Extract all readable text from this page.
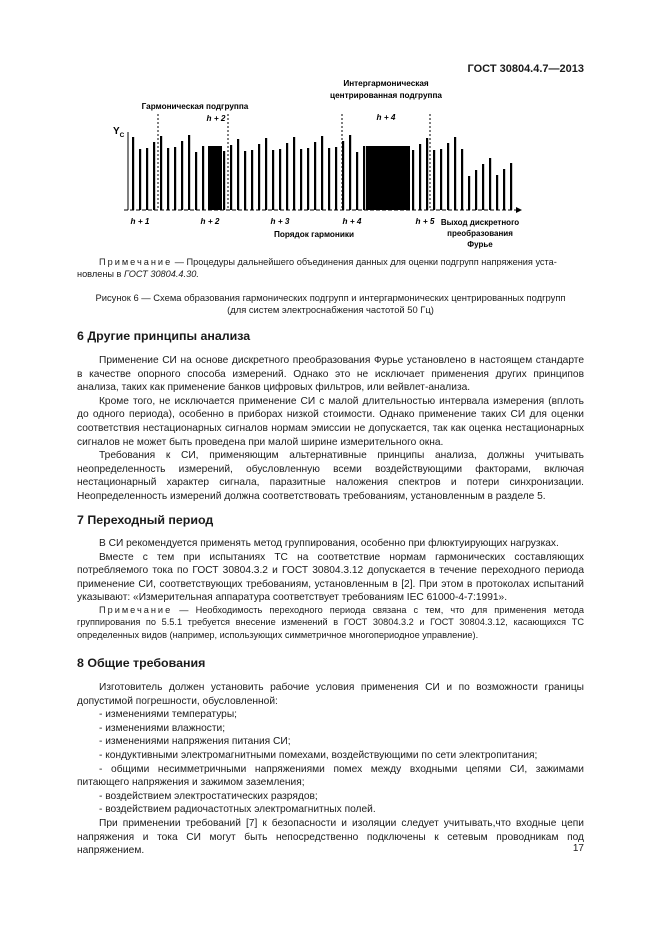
ГОСТ 30804.4.7—2013
Гармоническая подгруппа
h + 2
Интергармоническая
центрированная подгруппа
h + 4
$Y_C$
h + 1	h + 2	h + 3	h + 4	h + 5
Порядок гармоники
Выход дискретного
преобразования
Фурье

Примечание — Процедуры дальнейшего объединения данных для оценки подгрупп напряжения уста-

новлены в ГОСТ 30804.4.30.

Рисунок 6 — Схема образования гармонических подгрупп и интергармонических центрированных подгрупп
(для систем электроснабжения частотой 50 Гц)
6 Другие принципы анализа

Применение СИ на основе дискретного преобразования Фурье установлено в настоящем стандарте в качестве опорного способа измерений. Однако это не исключает применения других принципов анализа, таких как применение банков цифровых фильтров, или вейвлет-анализа.

Кроме того, не исключается применение СИ с малой длительностью интервала измерения (вплоть до одного периода), особенно в приборах низкой стоимости. Однако применение таких СИ для оценки соответствия нестационарных сигналов нормам эмиссии не допускается, так как оценка нестационарных сигналов не может быть проведена при малой ширине измерительного окна.

Требования к СИ, применяющим альтернативные принципы анализа, должны учитывать неопределенность измерений, обусловленную всеми воздействующими факторами, включая нестационарный характер сигнала, паразитные наложения спектров и потери синхронизации. Неопределенность измерений должна соответствовать требованиям, установленным в разделе 5.

7 Переходный период

В СИ рекомендуется применять метод группирования, особенно при флюктуирующих нагрузках.

Вместе с тем при испытаниях ТС на соответствие нормам гармонических составляющих потребляемого тока по ГОСТ 30804.3.2 и ГОСТ 30804.3.12 допускается в течение переходного периода применение СИ, соответствующих требованиям, установленным в [2]. При этом в протоколах испытаний указывают: «Измерительная аппаратура соответствует требованиям IEC 61000-4-7:1991».

Примечание — Необходимость переходного периода связана с тем, что для применения метода группирования по 5.5.1 требуется внесение изменений в ГОСТ 30804.3.2 и ГОСТ 30804.3.12, касающихся ТС определенных видов (например, использующих симметричное многопериодное управление).

8 Общие требования

Изготовитель должен установить рабочие условия применения СИ и по возможности границы допустимой погрешности, обусловленной:

- изменениями температуры;

- изменениями влажности;

- изменениями напряжения питания СИ;

- кондуктивными электромагнитными помехами, воздействующими по сети электропитания;

- общими несимметричными напряжениями помех между входными цепями СИ, зажимами питающего напряжения и зажимом заземления;

- воздействием электростатических разрядов;

- воздействием радиочастотных электромагнитных полей.

При применении требований [7] к безопасности и изоляции следует учитывать,что входные цепи напряжения и тока СИ могут быть непосредственно подключены к сетевым проводникам под напряжением.	17
